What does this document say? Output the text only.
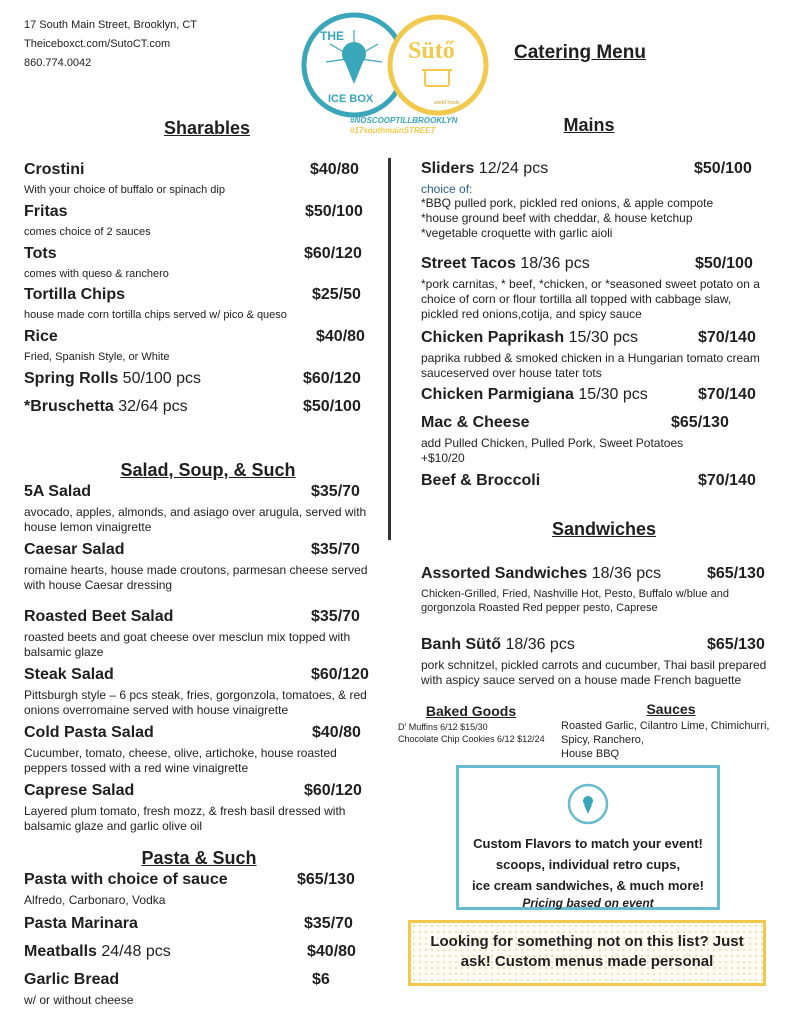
17 South Main Street, Brooklyn, CT
Theiceboxct.com/SutoCT.com
860.774.0042
THE
ICE BOX
Sütő
world foods
#NOSCOOPTILLBROOKLYN
#17southmainSTREET
Catering Menu
Sharables
Crostini	$40/80
With your choice of buffalo or spinach dip
Fritas	$50/100
comes choice of 2 sauces
Tots	$60/120
comes with queso & ranchero
Tortilla Chips	$25/50
house made corn tortilla chips served w/ pico & queso
Rice	$40/80
Fried, Spanish Style, or White
Spring Rolls 50/100 pcs	$60/120
*Bruschetta 32/64 pcs	$50/100
Salad, Soup, & Such
5A Salad	$35/70
avocado, apples, almonds, and asiago over arugula, served with house lemon vinaigrette
Caesar Salad	$35/70
romaine hearts, house made croutons, parmesan cheese served with house Caesar dressing
Roasted Beet Salad	$35/70
roasted beets and goat cheese over mesclun mix topped with                balsamic glaze
Steak Salad	$60/120
Pittsburgh style – 6 pcs steak, fries, gorgonzola, tomatoes, & red onions overromaine served with house vinaigrette
Cold Pasta Salad	$40/80
Cucumber, tomato, cheese, olive, artichoke, house roasted peppers tossed with a red wine vinaigrette
Caprese Salad	$60/120
Layered plum tomato, fresh mozz, & fresh basil dressed with balsamic glaze and garlic olive oil
Pasta & Such
Pasta with choice of sauce	$65/130
Alfredo, Carbonaro, Vodka
Pasta Marinara	$35/70
Meatballs 24/48 pcs	$40/80
Garlic Bread	$6
w/ or without cheese
Mains
Sliders 12/24 pcs	$50/100
choice of:
*BBQ pulled pork, pickled red onions, & apple compote
*house ground beef with cheddar, & house ketchup
*vegetable croquette with garlic aioli
Street Tacos 18/36 pcs	$50/100
*pork carnitas, * beef, *chicken, or *seasoned sweet potato on a choice of corn or flour tortilla all topped with cabbage slaw, pickled red onions,cotija, and spicy sauce
Chicken Paprikash 15/30 pcs	$70/140
paprika rubbed & smoked chicken in a Hungarian tomato cream sauceserved over house tater tots
Chicken Parmigiana 15/30 pcs	$70/140
Mac & Cheese	$65/130
add Pulled Chicken, Pulled Pork, Sweet Potatoes +$10/20
Beef & Broccoli	$70/140
Sandwiches
Assorted Sandwiches 18/36 pcs	$65/130
Chicken-Grilled, Fried, Nashville Hot, Pesto, Buffalo w/blue and gorgonzola Roasted Red pepper pesto, Caprese
Banh Sütő 18/36 pcs	$65/130
pork schnitzel, pickled carrots and cucumber, Thai basil prepared with aspicy sauce served on a house made French baguette
Baked Goods
D' Muffins 6/12 $15/30
Chocolate Chip Cookies 6/12 $12/24
Sauces
Roasted Garlic, Cilantro Lime, Chimichurri,
Spicy, Ranchero,
House BBQ
Custom Flavors to match your event!
scoops, individual retro cups,
ice cream sandwiches, & much more!
Pricing based on event
Looking for something not on this list? Just
ask! Custom menus made personal
